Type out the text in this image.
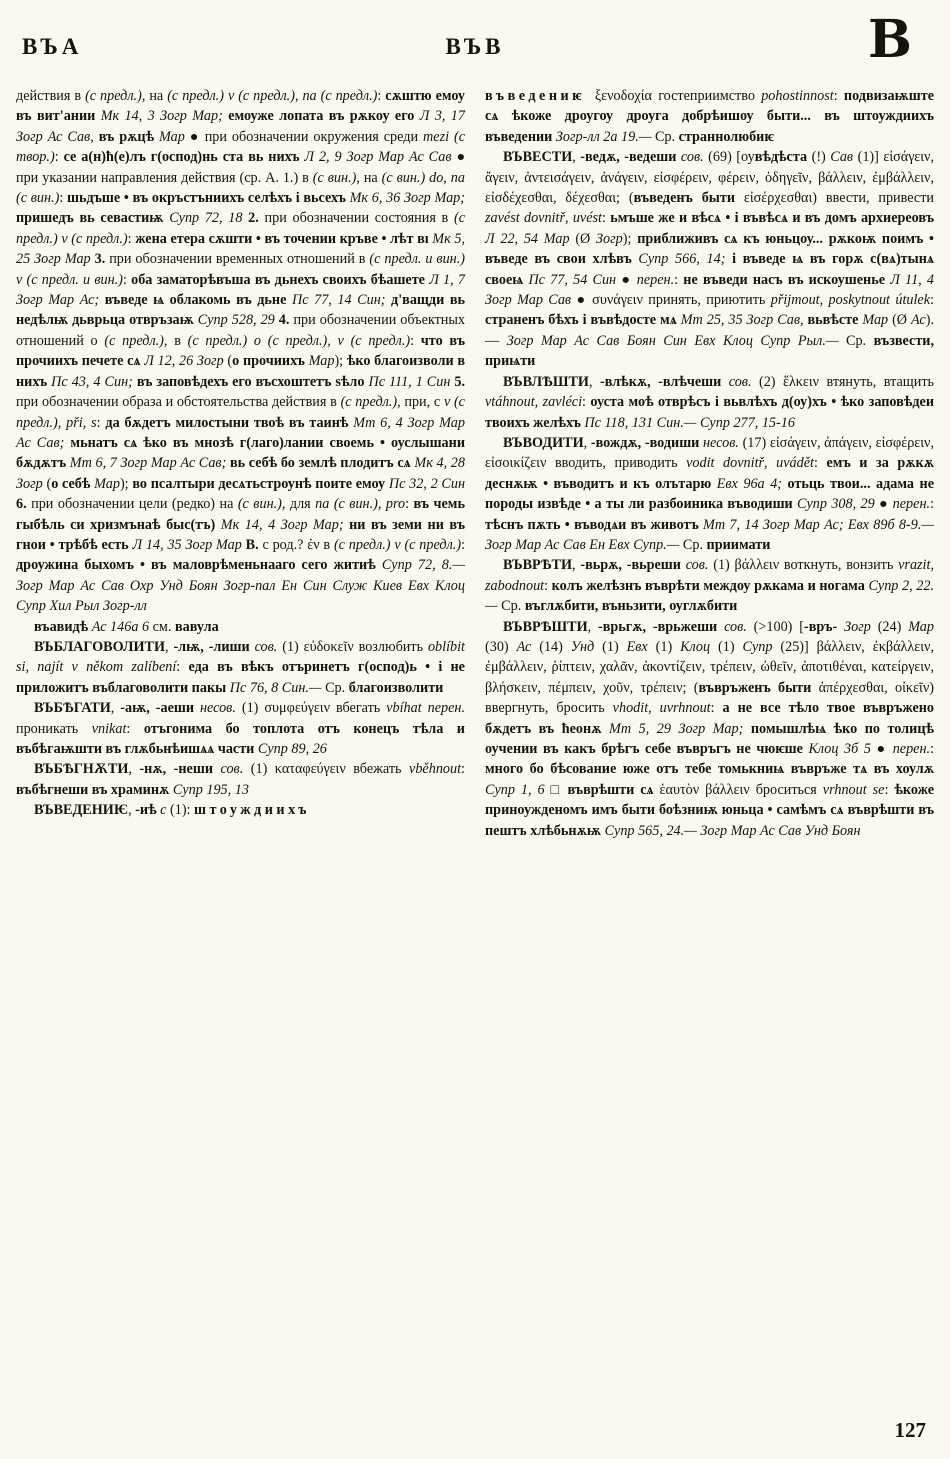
ВЪА	ВЪВ	В
действия в (с предл.), на (с предл.) v (с предл.), na (с предл.): сѫштю емоу въ вит'ании Мк 14, 3 Зогр Мар; емоуже лопата въ рѫкоу его Л 3, 17 Зогр Ас Сав, въ рѫцѣ Мар ● при обозначении окружения среди mezi (с твор.): се а(н)ћ(е)лъ г(оспод)нь ста вь нихъ Л 2, 9 Зогр Мар Ас Сав ● при указании направления действия (ср. А. 1.) в (с вин.), на (с вин.) do, na (с вин.): шьдъше • въ окръстъниихъ селѣхъ і вьсехъ Мк 6, 36 Зогр Мар; пришедъ вь севастиѭ Супр 72, 18 2. при обозначении состояния в (с предл.) v (с предл.): жена етера сѫшти • въ точении кръве • лѣт вı Мк 5, 25 Зогр Мар 3. при обозначении временных отношений в (с предл. и вин.) v (с предл. и вин.): оба заматорѣвъша въ дьнехъ своихъ бѣашете Л 1, 7 Зогр Мар Ас; въведе ѩ облакомь въ дьне Пс 77, 14 Син; д'ващди вь недѣлѭ дьврьца отвръзаѭ Супр 528, 29 4. при обозначении объектных отношений о (с предл.), в (с предл.) o (с предл.), v (с предл.): что въ прочиихъ печете сѧ Л 12, 26 Зогр (о прочиихъ Мар); ѣко благоизволи в нихъ Пс 43, 4 Син; въ заповѣдехъ его въсхоштетъ ѕѣло Пс 111, 1 Син 5. при обозначении образа и обстоятельства действия в (с предл.), при, с v (с предл.), při, s: да бѫдетъ милостыни твоѣ въ таинѣ Мт 6, 4 Зогр Мар Ас Сав; мьнатъ сѧ ѣко въ мнозѣ г(лаго)лании своемь • оуслышани бѫдѫтъ Мт 6, 7 Зогр Мар Ас Сав; вь себѣ бо землѣ плодитъ сѧ Мк 4, 28 Зогр (о себѣ Мар); во псалтыри десѧтьстроунѣ поите емоу Пс 32, 2 Син 6. при обозначении цели (редко) на (с вин.), для na (с вин.), pro: въ чемь гыбѣль си хризмънаѣ быс(тъ) Мк 14, 4 Зогр Мар; ни въ земи ни въ гнои • трѣбѣ есть Л 14, 35 Зогр Мар В. с род.? ἐν в (с предл.) v (с предл.): дроужина быхомъ • въ маловрѣменьнааго сего житиѣ Супр 72, 8.— Зогр Мар Ас Сав Охр Унд Боян Зогр-пал Ен Син Служ Киев Евх Клоц Супр Хил Рыл Зогр-лл
въавидѣ Ас 146а 6 см. вавула
ВЪБЛАГОВОЛИТИ, -лѭ, -лиши сов. (1) εὐδοκεῖν возлюбить oblíbit si, najít v někom zalíbení: еда въ вѣкъ отъринетъ г(оспод)ь • і не приложитъ въблаговолити пакы Пс 76, 8 Син.— Ср. благоизволити
ВЪБѢГАТИ, -аѭ, -аеши несов. (1) συμφεύγειν вбегать vbíhat перен. проникать vnikat: отъгонима бо топлота отъ конецъ тѣла и въбѣгаѭшти въ глѫбьнѣишѧѧ части Супр 89, 26
ВЪБѢГНѪТИ, -нѫ, -неши сов. (1) καταφεύγειν вбежать vběhnout: въбѣгнеши въ храминѫ Супр 195, 13
ВЪВЕДЕНИѤ, -иѣ с (1): штоуждиихъ
въведениѥ ξενοδοχία гостеприимство pohostinnost: подвизаѭште сѧ ѣкоже дроугоу дроуга добрѣишоу быти... въ штоуждиихъ въведении Зогр-лл 2а 19.— Ср. страннолюбиѥ
ВЪВЕСТИ, -ведѫ, -ведеши сов. (69) [оувѣдѣста (!) Сав (1)] εἰσάγειν, ἄγειν, ἀντεισάγειν, ἀνάγειν, εἰσφέρειν, φέρειν, ὁδηγεῖν, βάλλειν, ἐμβάλλειν, εἰσδέχεσθαι, δέχεσθαι; (въведенъ быти εἰσέρχεσθαι) ввести, привести zavést dovnitř, uvést: ьмъше же и вѣсѧ • і въвѣсѧ и въ домъ архиереовъ Л 22, 54 Мар (Ø Зогр); приближивъ сѧ къ юньцоу... рѫкоѭ поимъ • въведе въ свои хлѣвъ Супр 566, 14; і въведе ѩ въ горѫ с(вѧ)тынѧ своеѩ Пс 77, 54 Син ● перен.: не въведи насъ въ искоушенье Л 11, 4 Зогр Мар Сав ● συνάγειν принять, приютить přijmout, poskytnout útulek: страненъ бѣхъ і въвѣдосте мѧ Мт 25, 35 Зогр Сав, вьвѣсте Мар (Ø Ас).— Зогр Мар Ас Сав Боян Син Евх Клоц Супр Рыл.— Ср. възвести, приѩти
ВЪВЛѢШТИ, -влѣкѫ, -влѣчеши сов. (2) ἕλκειν втянуть, втащить vtáhnout, zavléci: оуста моѣ отврѣсъ і вьвлѣхъ д(оу)хъ • ѣко заповѣдеи твоихъ желѣхъ Пс 118, 131 Син.— Супр 277, 15-16
ВЪВОДИТИ, -вождѫ, -водиши несов. (17) εἰσάγειν, ἀπάγειν, εἰσφέρειν, εἰσοικίζειν вводить, приводить vodit dovnitř, uvádět: емъ и за рѫкѫ деснѫѭ • въводитъ и къ олътарю Евх 96а 4; отьць твои... адама не породы извѣде • а ты ли разбоиника въводиши Супр 308, 29 ● перен.: тѣснъ пѫть • въводѧи въ животъ Мт 7, 14 Зогр Мар Ас; Евх 89б 8-9.— Зогр Мар Ас Сав Ен Евх Супр.— Ср. приимати
ВЪВРѢТИ, -вьрѫ, -вьреши сов. (1) βάλλειν воткнуть, вонзить vrazit, zabodnout: колъ желѣзнъ въврѣти междоу рѫкама и ногама Супр 2, 22.— Ср. въглѫбити, въньзити, оуглѫбити
ВЪВРѢШТИ, -врьгѫ, -врьжеши сов. (>100) [-връ- Зогр (24) Мар (30) Ас (14) Унд (1) Евх (1) Клоц (1) Супр (25)] βάλλειν, ἐκβάλλειν, ἐμβάλλειν, ῥίπτειν, χαλᾶν, ἀκοντίζειν, τρέπειν, ὠθεῖν, ἀποτιθέναι, κατείργειν, βλήσκειν, πέμπειν, χοῦν, τρέπειν; (въвръженъ быти ἀπέρχεσθαι, οἰκεῖν) ввергнуть, бросить vhodit, uvrhnout: а не все тѣло твое въвръжено бѫдетъ въ ћеонѫ Мт 5, 29 Зогр Мар; помышлѣѩ ѣко по толицѣ оучении въ какъ брѣгъ себе въвръгъ не чюѥше Клоц 3б 5 ● перен.: много бо бѣсование юже отъ тебе томькниѩ въвръже тѧ въ хоулѫ Супр 1, 6 □ въврѣшти сѧ ἑαυτὸν βάλλειν броситься vrhnout se: ѣкоже приноужденомъ имъ быти боѣзниѭ юньца • самѣмъ сѧ въврѣшти въ пештъ хлѣбьнѫѭ Супр 565, 24.— Зогр Мар Ас Сав Унд Боян
127
